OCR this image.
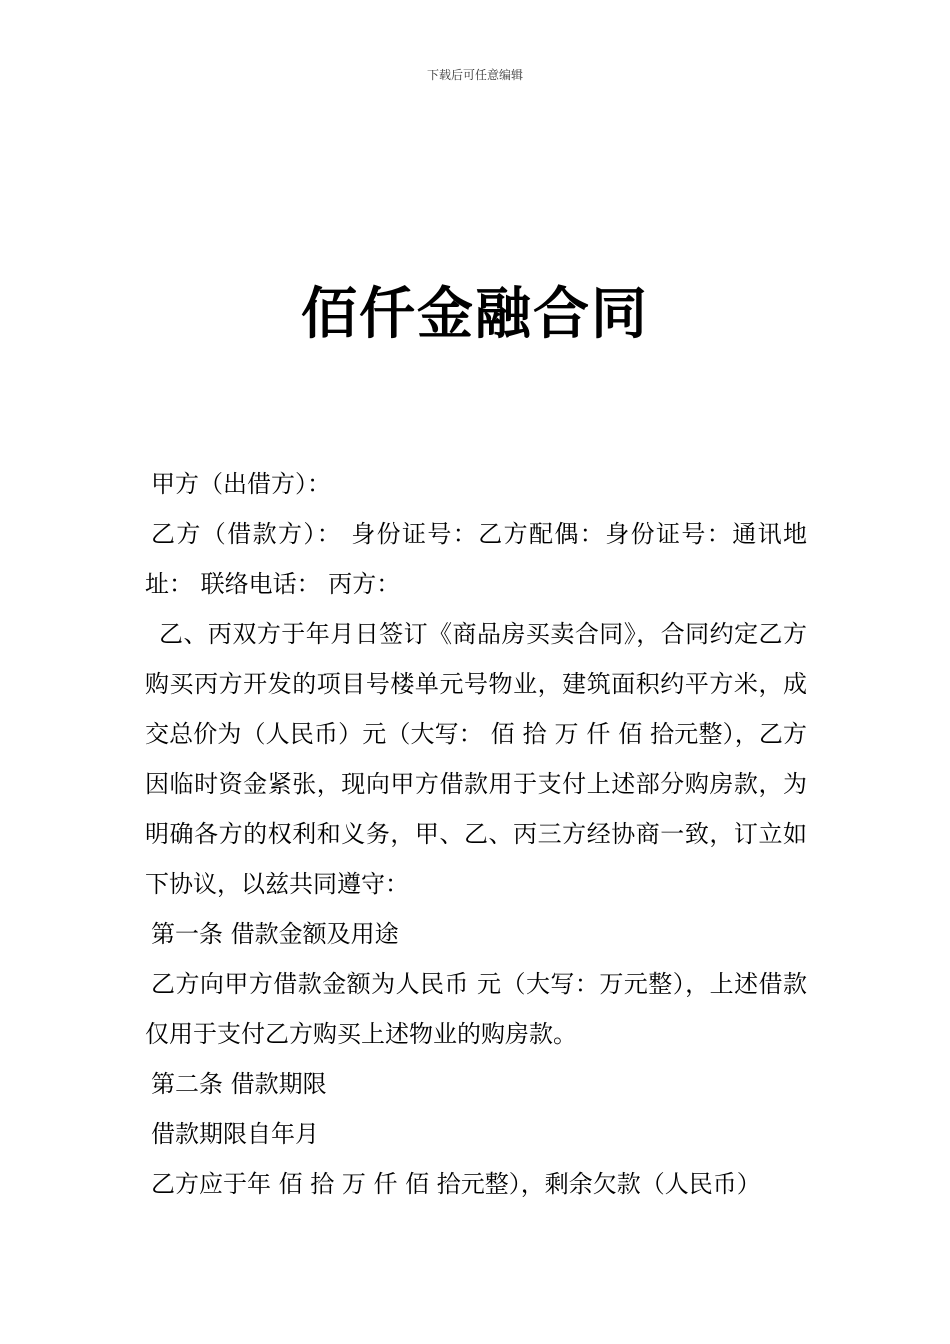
下载后可任意编辑
佰仟金融合同

甲方（出借方）：

乙方（借款方）： 身份证号：乙方配偶：身份证号：通讯地址： 联络电话： 丙方：

乙、丙双方于年月日签订《商品房买卖合同》，合同约定乙方购买丙方开发的项目号楼单元号物业，建筑面积约平方米，成交总价为（人民币）元（大写： 佰 拾 万 仟 佰 拾元整），乙方因临时资金紧张，现向甲方借款用于支付上述部分购房款，为明确各方的权利和义务，甲、乙、丙三方经协商一致，订立如下协议，以兹共同遵守：

第一条 借款金额及用途

乙方向甲方借款金额为人民币 元（大写：万元整），上述借款仅用于支付乙方购买上述物业的购房款。

第二条 借款期限

借款期限自年月

乙方应于年 佰 拾 万 仟 佰 拾元整），剩余欠款（人民币）
